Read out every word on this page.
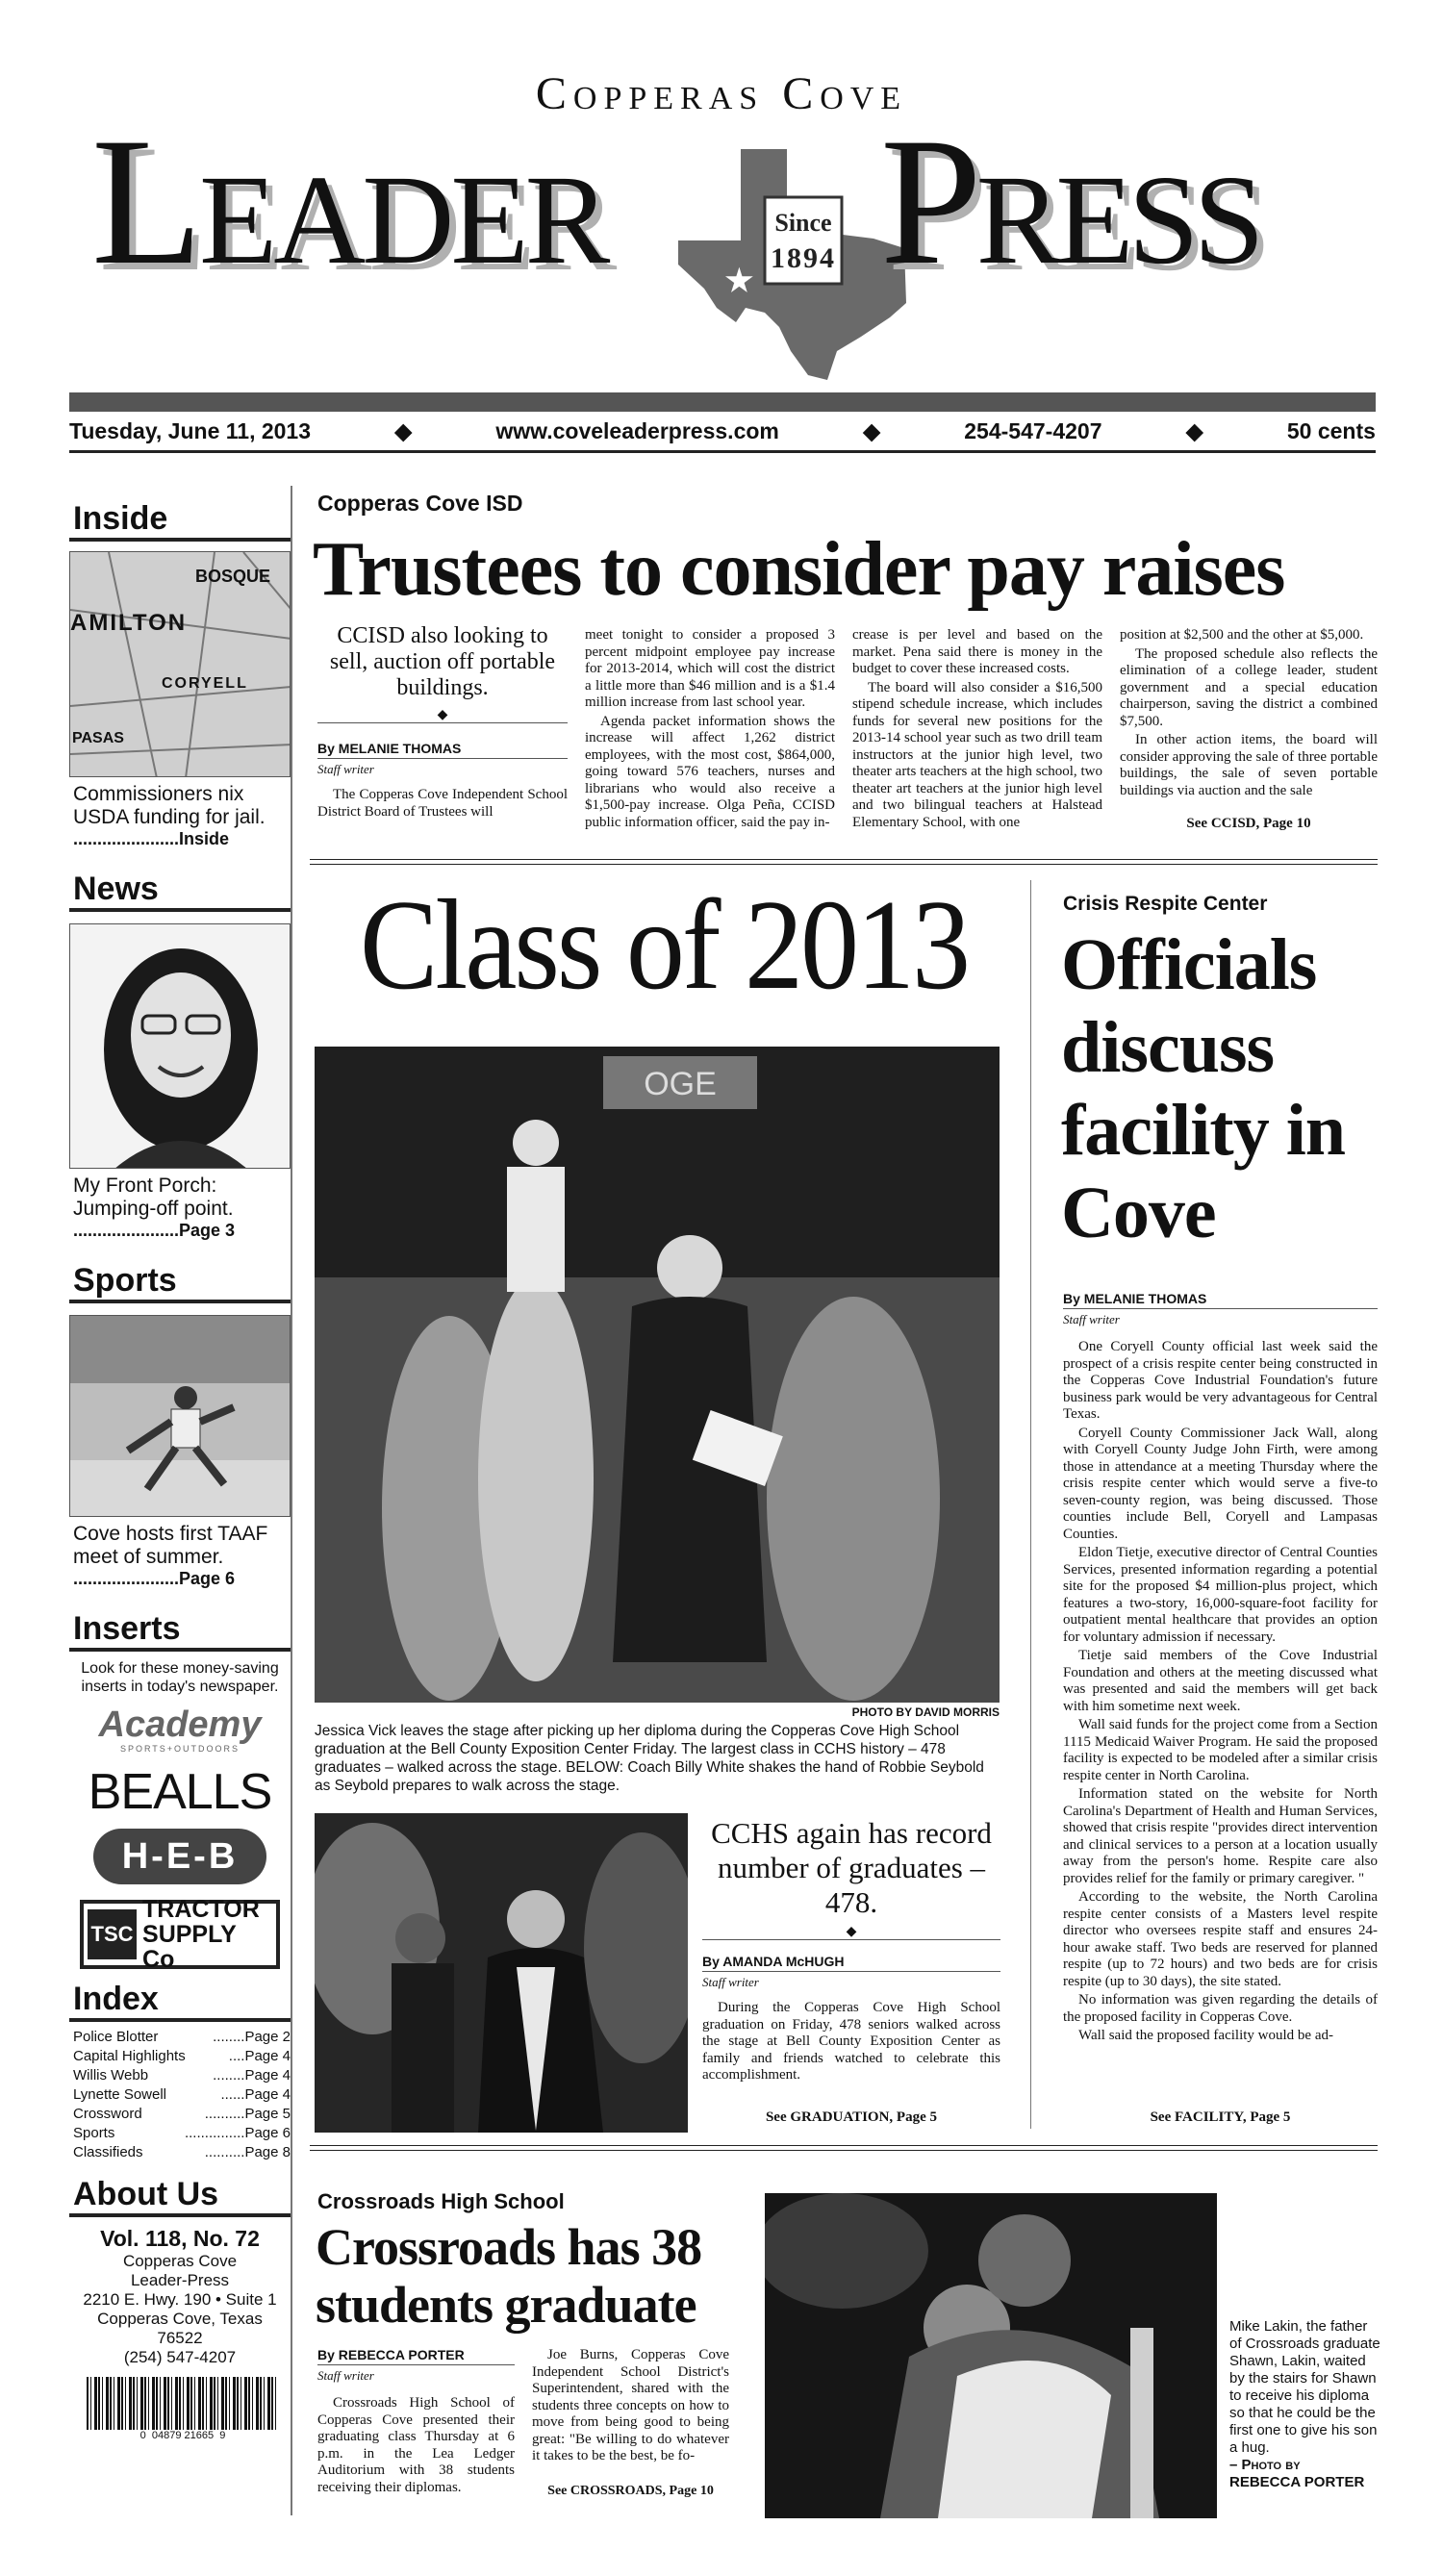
Copperas Cove
Leader	Since
1894 Press
Tuesday, June 11, 2013	◆	www.coveleaderpress.com	◆	254-547-4207	◆	50 cents
Inside
BOSQUE
AMILTON
CORYELL
PASAS
Commissioners nix USDA funding for jail.
......................Inside
News
My Front Porch: Jumping-off point.
......................Page 3
Sports
Cove hosts first TAAF meet of summer.
......................Page 6
Inserts
Look for these money-saving inserts in today's newspaper.
Academy
SPORTS+OUTDOORS
BEALLS
H-E-B
TSC
TRACTOR
SUPPLY Co
Index
Police Blotter	........ Page 2
Capital Highlights	.... Page 4
Willis Webb	........ Page 4
Lynette Sowell	...... Page 4
Crossword	.......... Page 5
Sports	............... Page 6
Classifieds	.......... Page 8
About Us
Vol. 118, No. 72
Copperas Cove
Leader-Press
2210 E. Hwy. 190 • Suite 1
Copperas Cove, Texas
76522
(254) 547-4207
0  04879 21665  9
Copperas Cove ISD
Trustees to consider pay raises
CCISD also looking to sell, auction off portable buildings.
◆
By MELANIE THOMAS
Staff writer

The Copperas Cove Independent School District Board of Trustees will

meet tonight to consider a proposed 3 percent midpoint employee pay increase for 2013-2014, which will cost the district a little more than $46 million and is a $1.4 million increase from last school year.

Agenda packet information shows the increase will affect 1,262 district employees, with the most cost, $864,000, going toward 576 teachers, nurses and librarians who would also receive a $1,500-pay increase. Olga Peña, CCISD public information officer, said the pay in-

crease is per level and based on the market. Pena said there is money in the budget to cover these increased costs.

The board will also consider a $16,500 stipend schedule increase, which includes funds for several new positions for the 2013-14 school year such as two drill team instructors at the junior high level, two theater arts teachers at the high school, two theater art teachers at the junior high level and two bilingual teachers at Halstead Elementary School, with one

position at $2,500 and the other at $5,000.

The proposed schedule also reflects the elimination of a college leader, student government and a special education chairperson, saving the district a combined $7,500.

In other action items, the board will consider approving the sale of three portable buildings, the sale of seven portable buildings via auction and the sale

See CCISD, Page 10
Class of 2013
OGE
PHOTO BY DAVID MORRIS
Jessica Vick leaves the stage after picking up her diploma during the Copperas Cove High School graduation at the Bell County Exposition Center Friday. The largest class in CCHS history – 478 graduates – walked across the stage. BELOW: Coach Billy White shakes the hand of Robbie Seybold as Seybold prepares to walk across the stage.
CCHS again has record number of graduates – 478.
◆
By AMANDA McHUGH
Staff writer

During the Copperas Cove High School graduation on Friday, 478 seniors walked across the stage at Bell County Exposition Center as family and friends watched to celebrate this accomplishment.

See GRADUATION, Page 5
Crisis Respite Center
Officials discuss facility in Cove
By MELANIE THOMAS
Staff writer

One Coryell County official last week said the prospect of a crisis respite center being constructed in the Copperas Cove Industrial Foundation's future business park would be very advantageous for Central Texas.

Coryell County Commissioner Jack Wall, along with Coryell County Judge John Firth, were among those in attendance at a meeting Thursday where the crisis respite center which would serve a five-to seven-county region, was being discussed. Those counties include Bell, Coryell and Lampasas Counties.

Eldon Tietje, executive director of Central Counties Services, presented information regarding a potential site for the proposed $4 million-plus project, which features a two-story, 16,000-square-foot facility for outpatient mental healthcare that provides an option for voluntary admission if necessary.

Tietje said members of the Cove Industrial Foundation and others at the meeting discussed what was presented and said the members will get back with him sometime next week.

Wall said funds for the project come from a Section 1115 Medicaid Waiver Program. He said the proposed facility is expected to be modeled after a similar crisis respite center in North Carolina.

Information stated on the website for North Carolina's Department of Health and Human Services, showed that crisis respite "provides direct intervention and clinical services to a person at a location usually away from the person's home. Respite care also provides relief for the family or primary caregiver. "

According to the website, the North Carolina respite center consists of a Masters level respite director who oversees respite staff and ensures 24-hour awake staff. Two beds are reserved for planned respite (up to 72 hours) and two beds are for crisis respite (up to 30 days), the site stated.

No information was given regarding the details of the proposed facility in Copperas Cove.

Wall said the proposed facility would be ad-

See FACILITY, Page 5
Crossroads High School
Crossroads has 38 students graduate
By REBECCA PORTER
Staff writer

Crossroads High School of Copperas Cove presented their graduating class Thursday at 6 p.m. in the Lea Ledger Auditorium with 38 students receiving their diplomas.

Joe Burns, Copperas Cove Independent School District's Superintendent, shared with the students three concepts on how to move from being good to being great: "Be willing to do whatever it takes to be the best, be fo-

See CROSSROADS, Page 10
Mike Lakin, the father of Crossroads graduate Shawn, Lakin, waited by the stairs for Shawn to receive his diploma so that he could be the first one to give his son a hug.
– Photo by
REBECCA PORTER
